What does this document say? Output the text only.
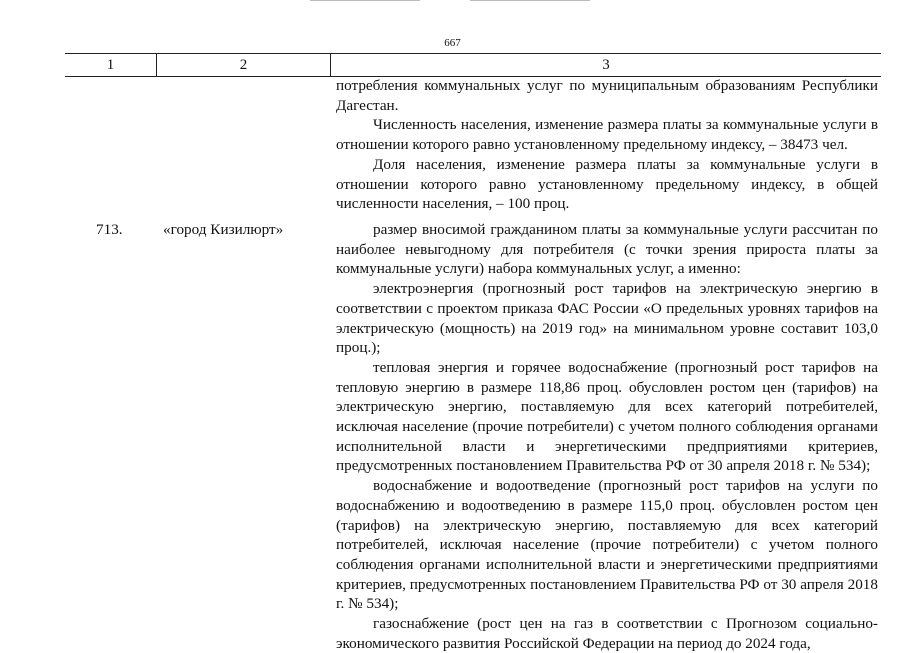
667
1	2	3

потребления коммунальных услуг по муниципальным образованиям Республики Дагестан.

Численность населения, изменение размера платы за коммунальные услуги в отношении которого равно установленному предельному индексу, – 38473 чел.

Доля населения, изменение размера платы за коммунальные услуги в отношении которого равно установленному предельному индексу, в общей численности населения, – 100 проц.

713.	«город Кизилюрт»	размер вносимой гражданином платы за коммунальные услуги рассчитан по наиболее невыгодному для потребителя (с точки зрения прироста платы за коммунальные услуги) набора коммунальных услуг, а именно:

электроэнергия (прогнозный рост тарифов на электрическую энергию в соответствии с проектом приказа ФАС России «О предельных уровнях тарифов на электрическую (мощность) на 2019 год» на минимальном уровне составит 103,0 проц.);

тепловая энергия и горячее водоснабжение (прогнозный рост тарифов на тепловую энергию в размере 118,86 проц. обусловлен ростом цен (тарифов) на электрическую энергию, поставляемую для всех категорий потребителей, исключая население (прочие потребители) с учетом полного соблюдения органами исполнительной власти и энергетическими предприятиями критериев, предусмотренных постановлением Правительства РФ от 30 апреля 2018 г. № 534);

водоснабжение и водоотведение (прогнозный рост тарифов на услуги по водоснабжению и водоотведению в размере 115,0 проц. обусловлен ростом цен (тарифов) на электрическую энергию, поставляемую для всех категорий потребителей, исключая население (прочие потребители) с учетом полного соблюдения органами исполнительной власти и энергетическими предприятиями критериев, предусмотренных постановлением Правительства РФ от 30 апреля 2018 г. № 534);

газоснабжение (рост цен на газ в соответствии с Прогнозом социально-экономического развития Российской Федерации на период до 2024 года,
